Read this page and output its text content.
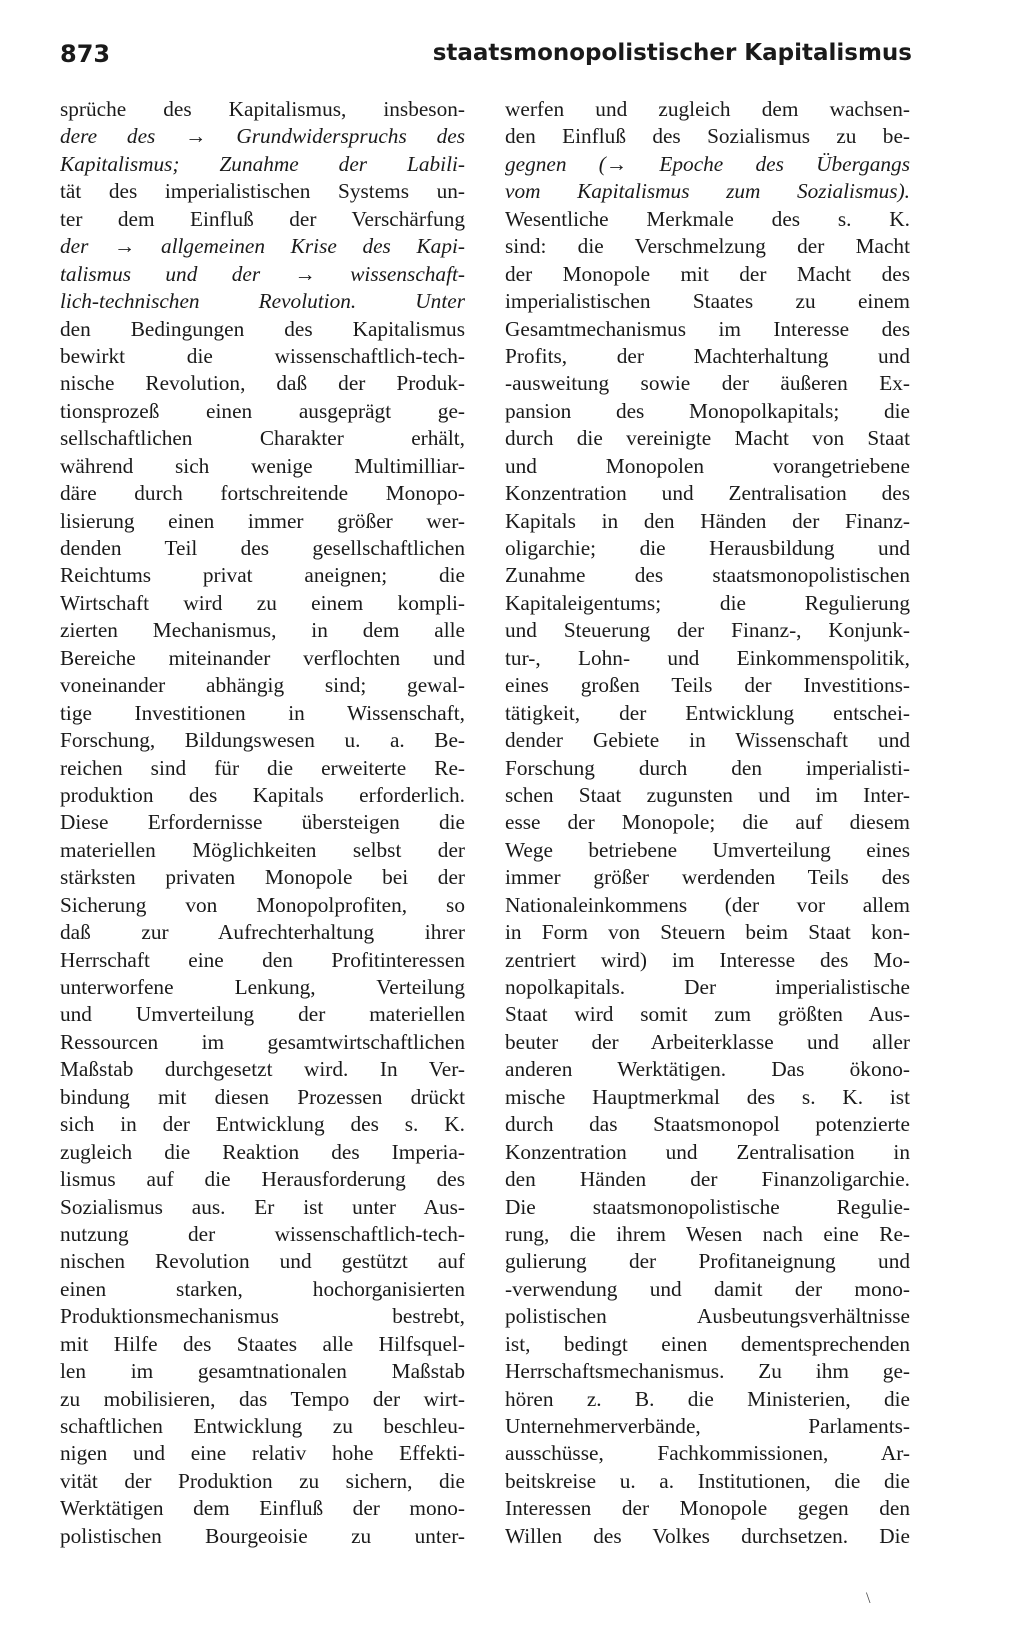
873	staatsmonopolistischer Kapitalismus
sprüche des Kapitalismus, insbeson-
dere des → Grundwiderspruchs des
Kapitalismus; Zunahme der Labili-
tät des imperialistischen Systems un-
ter dem Einfluß der Verschärfung
der → allgemeinen Krise des Kapi-
talismus und der → wissenschaft-
lich-technischen Revolution. Unter
den Bedingungen des Kapitalismus
bewirkt die wissenschaftlich-tech-
nische Revolution, daß der Produk-
tionsprozeß einen ausgeprägt ge-
sellschaftlichen Charakter erhält,
während sich wenige Multimilliar-
däre durch fortschreitende Monopo-
lisierung einen immer größer wer-
denden Teil des gesellschaftlichen
Reichtums privat aneignen; die
Wirtschaft wird zu einem kompli-
zierten Mechanismus, in dem alle
Bereiche miteinander verflochten und
voneinander abhängig sind; gewal-
tige Investitionen in Wissenschaft,
Forschung, Bildungswesen u. a. Be-
reichen sind für die erweiterte Re-
produktion des Kapitals erforderlich.
Diese Erfordernisse übersteigen die
materiellen Möglichkeiten selbst der
stärksten privaten Monopole bei der
Sicherung von Monopolprofiten, so
daß zur Aufrechterhaltung ihrer
Herrschaft eine den Profitinteressen
unterworfene Lenkung, Verteilung
und Umverteilung der materiellen
Ressourcen im gesamtwirtschaftlichen
Maßstab durchgesetzt wird. In Ver-
bindung mit diesen Prozessen drückt
sich in der Entwicklung des s. K.
zugleich die Reaktion des Imperia-
lismus auf die Herausforderung des
Sozialismus aus. Er ist unter Aus-
nutzung der wissenschaftlich-tech-
nischen Revolution und gestützt auf
einen starken, hochorganisierten
Produktionsmechanismus bestrebt,
mit Hilfe des Staates alle Hilfsquel-
len im gesamtnationalen Maßstab
zu mobilisieren, das Tempo der wirt-
schaftlichen Entwicklung zu beschleu-
nigen und eine relativ hohe Effekti-
vität der Produktion zu sichern, die
Werktätigen dem Einfluß der mono-
polistischen Bourgeoisie zu unter-
werfen und zugleich dem wachsen-
den Einfluß des Sozialismus zu be-
gegnen (→ Epoche des Übergangs
vom Kapitalismus zum Sozialismus).
Wesentliche Merkmale des s. K.
sind: die Verschmelzung der Macht
der Monopole mit der Macht des
imperialistischen Staates zu einem
Gesamtmechanismus im Interesse des
Profits, der Machterhaltung und
-ausweitung sowie der äußeren Ex-
pansion des Monopolkapitals; die
durch die vereinigte Macht von Staat
und Monopolen vorangetriebene
Konzentration und Zentralisation des
Kapitals in den Händen der Finanz-
oligarchie; die Herausbildung und
Zunahme des staatsmonopolistischen
Kapitaleigentums; die Regulierung
und Steuerung der Finanz-, Konjunk-
tur-, Lohn- und Einkommenspolitik,
eines großen Teils der Investitions-
tätigkeit, der Entwicklung entschei-
dender Gebiete in Wissenschaft und
Forschung durch den imperialisti-
schen Staat zugunsten und im Inter-
esse der Monopole; die auf diesem
Wege betriebene Umverteilung eines
immer größer werdenden Teils des
Nationaleinkommens (der vor allem
in Form von Steuern beim Staat kon-
zentriert wird) im Interesse des Mo-
nopolkapitals. Der imperialistische
Staat wird somit zum größten Aus-
beuter der Arbeiterklasse und aller
anderen Werktätigen. Das ökono-
mische Hauptmerkmal des s. K. ist
durch das Staatsmonopol potenzierte
Konzentration und Zentralisation in
den Händen der Finanzoligarchie.
Die staatsmonopolistische Regulie-
rung, die ihrem Wesen nach eine Re-
gulierung der Profitaneignung und
-verwendung und damit der mono-
polistischen Ausbeutungsverhältnisse
ist, bedingt einen dementsprechenden
Herrschaftsmechanismus. Zu ihm ge-
hören z. B. die Ministerien, die
Unternehmerverbände, Parlaments-
ausschüsse, Fachkommissionen, Ar-
beitskreise u. a. Institutionen, die die
Interessen der Monopole gegen den
Willen des Volkes durchsetzen. Die
\
